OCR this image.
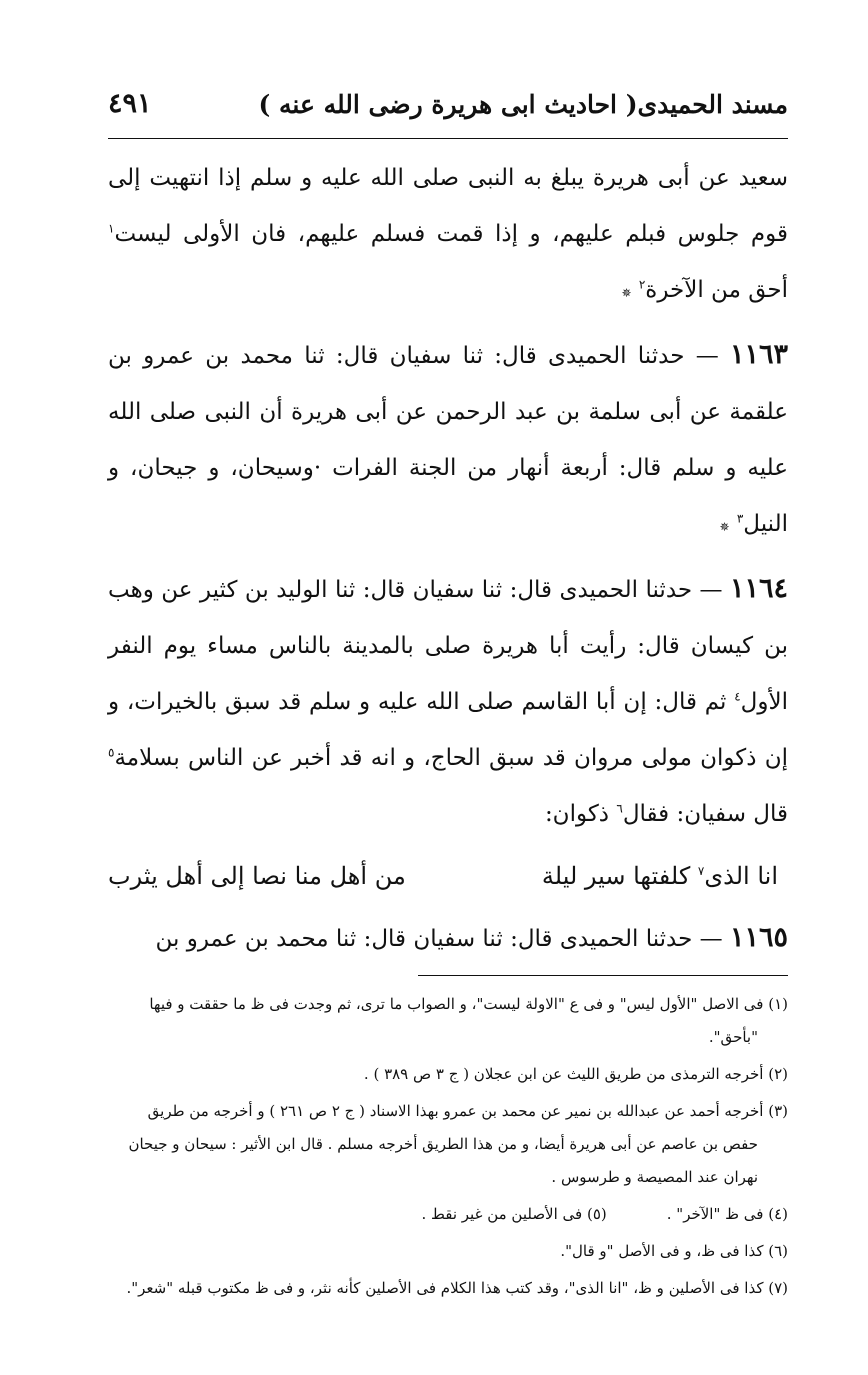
مسند الحميدى
( احاديث ابى هريرة رضى الله عنه )
٤٩١

سعيد عن أبى هريرة يبلغ به النبى صلى الله عليه و سلم إذا انتهيت إلى قوم جلوس فبلم عليهم، و إذا قمت فسلم عليهم، فان الأولى ليست$^١$ أحق من الآخرة$^٢$ ✵

١١٦٣ — حدثنا الحميدى قال: ثنا سفيان قال: ثنا محمد بن عمرو بن علقمة عن أبى سلمة بن عبد الرحمن عن أبى هريرة أن النبى صلى الله عليه و سلم قال: أربعة أنهار من الجنة الفرات ·وسيحان، و جيحان، و النيل$^٣$ ✵

١١٦٤ — حدثنا الحميدى قال: ثنا سفيان قال: ثنا الوليد بن كثير عن وهب بن كيسان قال: رأيت أبا هريرة صلى بالمدينة بالناس مساء يوم النفر الأول$^٤$ ثم قال: إن أبا القاسم صلى الله عليه و سلم قد سبق بالخيرات، و إن ذكوان مولى مروان قد سبق الحاج، و انه قد أخبر عن الناس بسلامة$^٥$ قال سفيان: فقال$^٦$ ذكوان:

انا الذى$^٧$ كلفتها سير ليلة
من أهل منا نصا إلى أهل يثرب

١١٦٥ — حدثنا الحميدى قال: ثنا سفيان قال: ثنا محمد بن عمرو بن

(١) فى الاصل "الأول ليس" و فى ع "الاولة ليست"، و الصواب ما ترى، ثم وجدت فى ظ ما حققت و فيها "بأحق".

(٢) أخرجه الترمذى من طريق الليث عن ابن عجلان ( ج ٣ ص ٣٨٩ ) .

(٣) أخرجه أحمد عن عبدالله بن نمير عن محمد بن عمرو بهذا الاسناد ( ج ٢ ص ٢٦١ ) و أخرجه من طريق حفص بن عاصم عن أبى هريرة أيضا، و من هذا الطريق أخرجه مسلم . قال ابن الأثير : سيحان و جيحان نهران عند المصيصة و طرسوس .

(٤) فى ظ "الآخر" .
(٥) فى الأصلين من غير نقط .

(٦) كذا فى ظ، و فى الأصل "و قال".

(٧) كذا فى الأصلين و ظ، "انا الذى"، وقد كتب هذا الكلام فى الأصلين كأنه نثر، و فى ظ مكتوب قبله "شعر".
